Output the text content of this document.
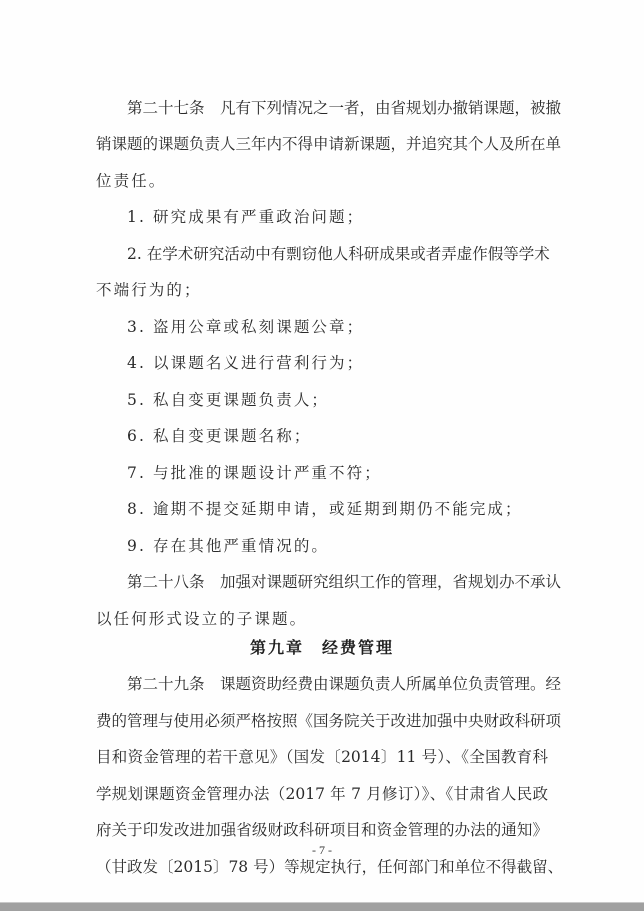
第二十七条　凡有下列情况之一者，由省规划办撤销课题，被撤
销课题的课题负责人三年内不得申请新课题，并追究其个人及所在单
位责任。
1. 研究成果有严重政治问题；
2. 在学术研究活动中有剽窃他人科研成果或者弄虚作假等学术
不端行为的；
3. 盗用公章或私刻课题公章；
4. 以课题名义进行营利行为；
5. 私自变更课题负责人；
6. 私自变更课题名称；
7. 与批准的课题设计严重不符；
8. 逾期不提交延期申请，或延期到期仍不能完成；
9. 存在其他严重情况的。
第二十八条　加强对课题研究组织工作的管理，省规划办不承认
以任何形式设立的子课题。
第九章　经费管理
第二十九条　课题资助经费由课题负责人所属单位负责管理。经
费的管理与使用必须严格按照《国务院关于改进加强中央财政科研项
目和资金管理的若干意见》（国发〔2014〕11 号）、《全国教育科
学规划课题资金管理办法（2017 年 7 月修订）》、《甘肃省人民政
府关于印发改进加强省级财政科研项目和资金管理的办法的通知》
（甘政发〔2015〕78 号）等规定执行，任何部门和单位不得截留、
- 7 -
